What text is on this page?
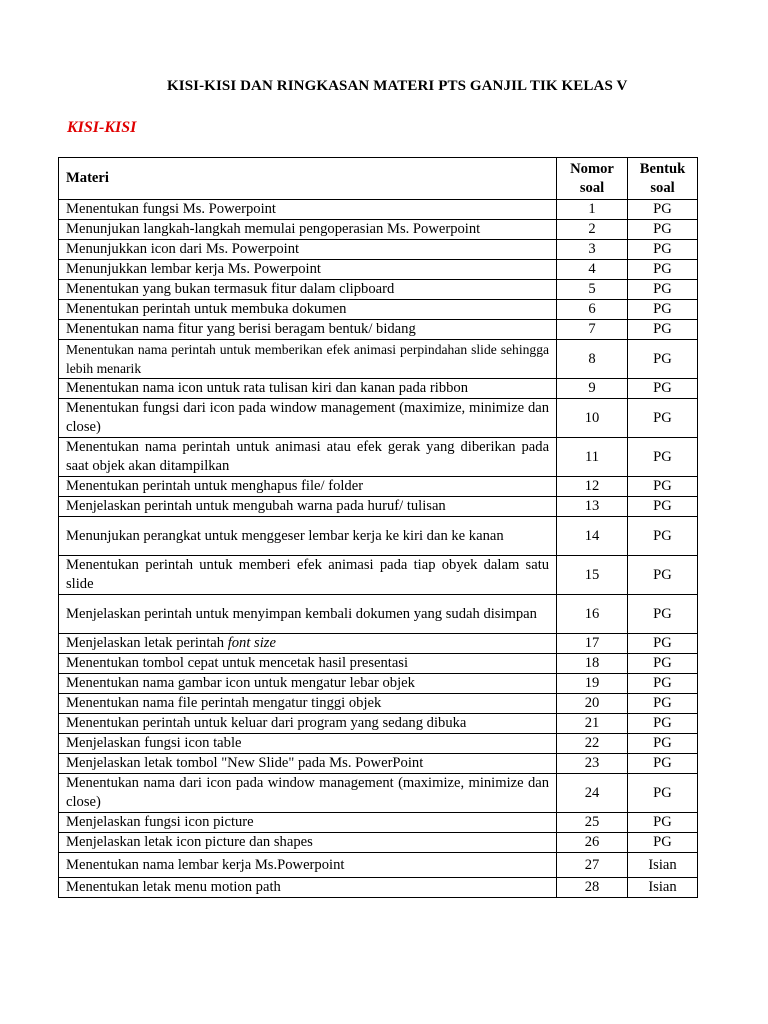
KISI-KISI DAN RINGKASAN MATERI PTS GANJIL TIK KELAS V
KISI-KISI
Materi	Nomor soal	Bentuk soal
Menentukan fungsi Ms. Powerpoint	1	PG
Menunjukan langkah-langkah memulai pengoperasian Ms. Powerpoint	2	PG
Menunjukkan icon dari Ms. Powerpoint	3	PG
Menunjukkan lembar kerja Ms. Powerpoint	4	PG
Menentukan yang bukan termasuk fitur dalam clipboard	5	PG
Menentukan perintah untuk membuka dokumen	6	PG
Menentukan nama fitur yang berisi beragam bentuk/ bidang	7	PG
Menentukan nama perintah untuk memberikan efek animasi perpindahan slide sehingga lebih menarik	8	PG
Menentukan nama icon untuk rata tulisan kiri dan kanan pada ribbon	9	PG
Menentukan fungsi dari icon pada window management (maximize, minimize dan close)	10	PG
Menentukan nama perintah untuk animasi atau efek gerak yang diberikan pada saat objek akan ditampilkan	11	PG
Menentukan perintah untuk menghapus file/ folder	12	PG
Menjelaskan perintah untuk mengubah warna pada huruf/ tulisan	13	PG
Menunjukan perangkat untuk menggeser lembar kerja ke kiri dan ke kanan	14	PG
Menentukan perintah untuk memberi efek animasi pada tiap obyek dalam satu slide	15	PG
Menjelaskan perintah untuk menyimpan kembali dokumen yang sudah disimpan	16	PG
Menjelaskan letak perintah font size	17	PG
Menentukan tombol cepat untuk mencetak hasil presentasi	18	PG
Menentukan nama gambar icon untuk mengatur lebar objek	19	PG
Menentukan nama file perintah mengatur tinggi objek	20	PG
Menentukan perintah untuk keluar dari program yang sedang dibuka	21	PG
Menjelaskan fungsi icon table	22	PG
Menjelaskan letak tombol "New Slide" pada Ms. PowerPoint	23	PG
Menentukan nama dari icon pada window management (maximize, minimize dan close)	24	PG
Menjelaskan fungsi icon picture	25	PG
Menjelaskan letak icon picture dan shapes	26	PG
Menentukan nama lembar kerja Ms.Powerpoint	27	Isian
Menentukan letak menu motion path	28	Isian
